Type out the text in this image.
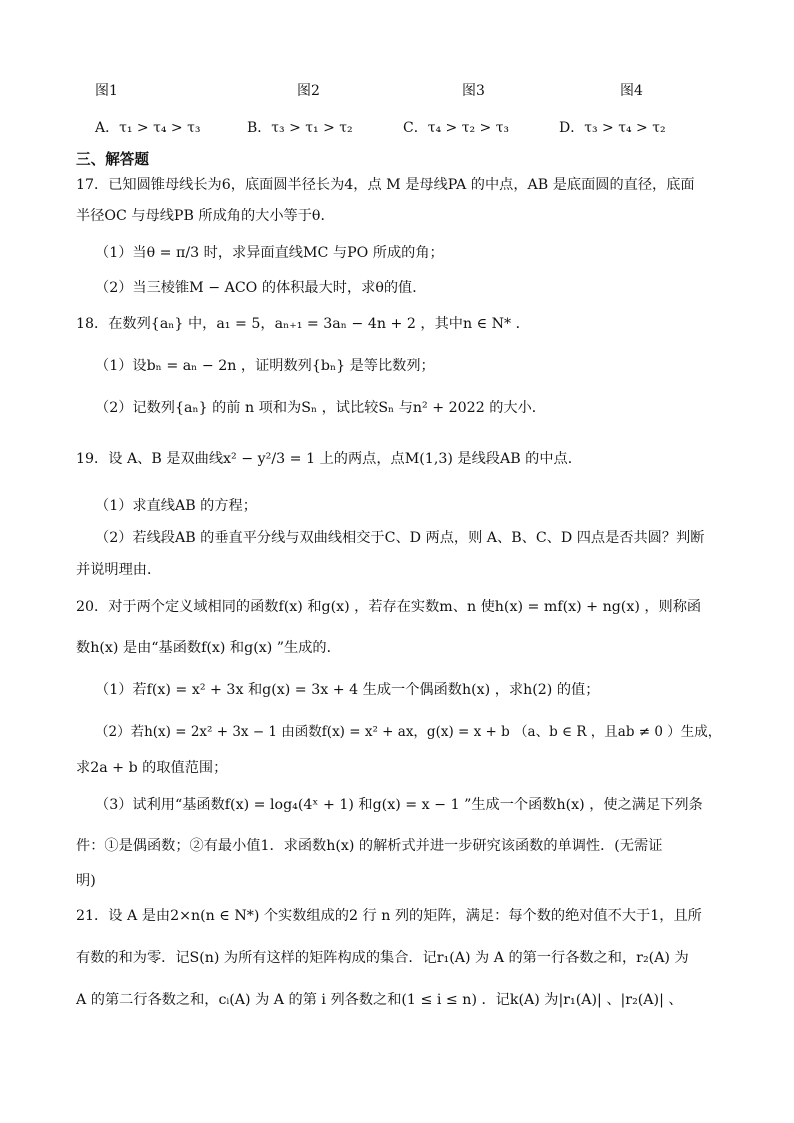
图1	图2	图3	图4
A．τ₁ > τ₄ > τ₃	B．τ₃ > τ₁ > τ₂	C．τ₄ > τ₂ > τ₃	D．τ₃ > τ₄ > τ₂
三、解答题
17．已知圆锥母线长为6，底面圆半径长为4，点 M 是母线PA 的中点，AB 是底面圆的直径，底面
半径OC 与母线PB 所成角的大小等于θ．
（1）当θ = π/3 时，求异面直线MC 与PO 所成的角；
（2）当三棱锥M − ACO 的体积最大时，求θ的值．
18．在数列{aₙ} 中，a₁ = 5，aₙ₊₁ = 3aₙ − 4n + 2 ，其中n ∈ N* ．
（1）设bₙ = aₙ − 2n ，证明数列{bₙ} 是等比数列；
（2）记数列{aₙ} 的前 n 项和为Sₙ ，试比较Sₙ 与n² + 2022 的大小．
19．设 A、B 是双曲线x² − y²/3 = 1 上的两点，点M(1,3) 是线段AB 的中点．
（1）求直线AB 的方程；
（2）若线段AB 的垂直平分线与双曲线相交于C、D 两点，则 A、B、C、D 四点是否共圆？判断
并说明理由．
20．对于两个定义域相同的函数f(x) 和g(x) ，若存在实数m、n 使h(x) = mf(x) + ng(x) ，则称函
数h(x) 是由“基函数f(x) 和g(x) ”生成的．
（1）若f(x) = x² + 3x 和g(x) = 3x + 4 生成一个偶函数h(x) ，求h(2) 的值；
（2）若h(x) = 2x² + 3x − 1 由函数f(x) = x² + ax，g(x) = x + b （a、b ∈ R ，且ab ≠ 0 ）生成，
求2a + b 的取值范围；
（3）试利用“基函数f(x) = log₄(4ˣ + 1) 和g(x) = x − 1 ”生成一个函数h(x) ，使之满足下列条
件：①是偶函数；②有最小值1．求函数h(x) 的解析式并进一步研究该函数的单调性．(无需证
明)
21．设 A 是由2×n(n ∈ N*) 个实数组成的2 行 n 列的矩阵，满足：每个数的绝对值不大于1，且所
有数的和为零．记S(n) 为所有这样的矩阵构成的集合．记r₁(A) 为 A 的第一行各数之和，r₂(A) 为
A 的第二行各数之和，cᵢ(A) 为 A 的第 i 列各数之和(1 ≤ i ≤ n) ．记k(A) 为|r₁(A)| 、|r₂(A)| 、
